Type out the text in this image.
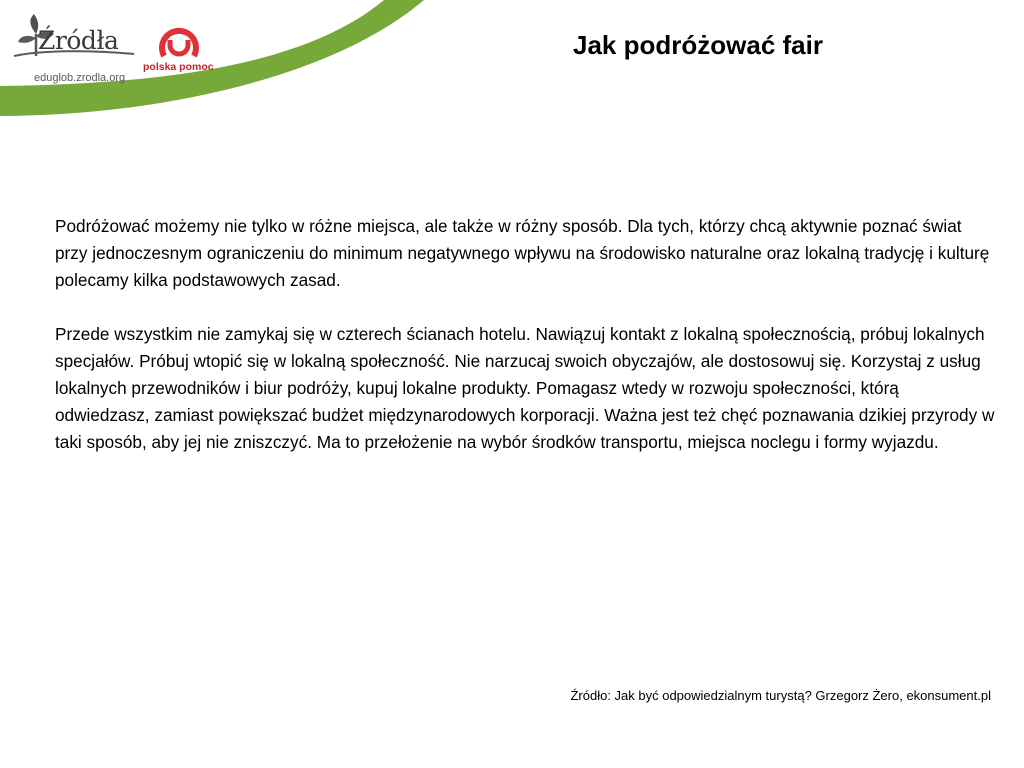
Źródła
eduglob.zrodla.org
polska pomoc
Jak podróżować fair

Podróżować możemy nie tylko w różne miejsca, ale także w różny sposób. Dla tych, którzy chcą aktywnie poznać świat przy jednoczesnym ograniczeniu do minimum negatywnego wpływu na środowisko naturalne oraz lokalną tradycję i kulturę polecamy kilka podstawowych zasad.

Przede wszystkim nie zamykaj się w czterech ścianach hotelu. Nawiązuj kontakt z lokalną społecznością, próbuj lokalnych specjałów. Próbuj wtopić się w lokalną społeczność. Nie narzucaj swoich obyczajów, ale dostosowuj się. Korzystaj z usług lokalnych przewodników i biur podróży, kupuj lokalne produkty. Pomagasz wtedy w rozwoju społeczności, którą odwiedzasz, zamiast powiększać budżet międzynarodowych korporacji. Ważna jest też chęć poznawania dzikiej przyrody w taki sposób, aby jej nie zniszczyć. Ma to przełożenie na wybór środków transportu, miejsca noclegu i formy wyjazdu.

Źródło: Jak być odpowiedzialnym turystą? Grzegorz Żero, ekonsument.pl
